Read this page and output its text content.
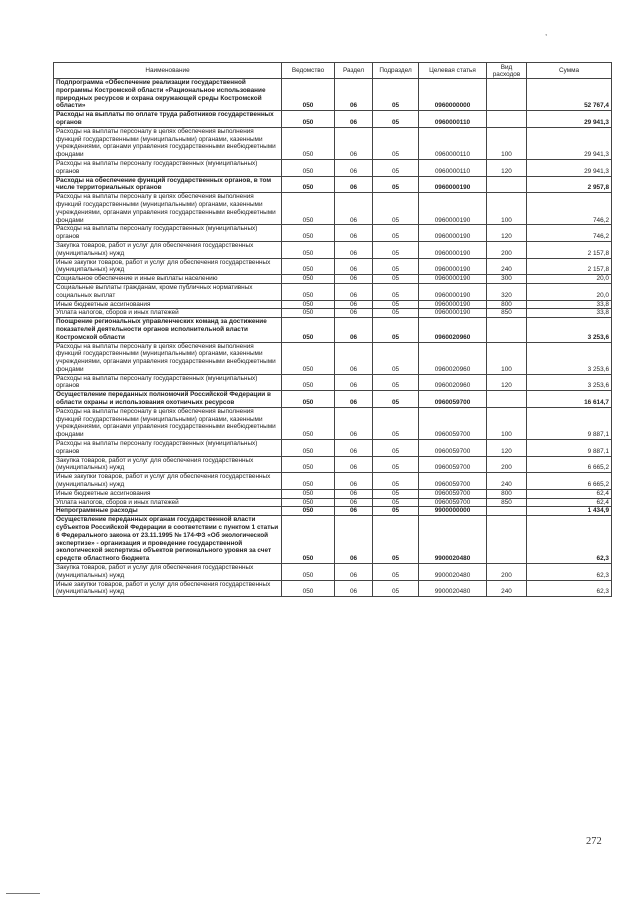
,
Наименование	Ведомство	Раздел	Подраздел	Целевая статья	Вид расходов	Сумма
Подпрограмма «Обеспечение реализации государственной программы Костромской области «Рациональное использование природных ресурсов и охрана окружающей среды Костромской области»	050	06	05	0960000000		52 767,4
Расходы на выплаты по оплате труда работников государственных органов	050	06	05	0960000110		29 941,3
Расходы на выплаты персоналу в целях обеспечения выполнения функций государственными (муниципальными) органами, казенными учреждениями, органами управления государственными внебюджетными фондами	050	06	05	0960000110	100	29 941,3
Расходы на выплаты персоналу государственных (муниципальных) органов	050	06	05	0960000110	120	29 941,3
Расходы на обеспечение функций государственных органов, в том числе территориальных органов	050	06	05	0960000190		2 957,8
Расходы на выплаты персоналу в целях обеспечения выполнения функций государственными (муниципальными) органами, казенными учреждениями, органами управления государственными внебюджетными фондами	050	06	05	0960000190	100	746,2
Расходы на выплаты персоналу государственных (муниципальных) органов	050	06	05	0960000190	120	746,2
Закупка товаров, работ и услуг для обеспечения государственных (муниципальных) нужд	050	06	05	0960000190	200	2 157,8
Иные закупки товаров, работ и услуг для обеспечения государственных (муниципальных) нужд	050	06	05	0960000190	240	2 157,8
Социальное обеспечение и иные выплаты населению	050	06	05	0960000190	300	20,0
Социальные выплаты гражданам, кроме публичных нормативных социальных выплат	050	06	05	0960000190	320	20,0
Иные бюджетные ассигнования	050	06	05	0960000190	800	33,8
Уплата налогов, сборов и иных платежей	050	06	05	0960000190	850	33,8
Поощрение региональных управленческих команд за достижение показателей деятельности органов исполнительной власти Костромской области	050	06	05	0960020960		3 253,6
Расходы на выплаты персоналу в целях обеспечения выполнения функций государственными (муниципальными) органами, казенными учреждениями, органами управления государственными внебюджетными фондами	050	06	05	0960020960	100	3 253,6
Расходы на выплаты персоналу государственных (муниципальных) органов	050	06	05	0960020960	120	3 253,6
Осуществление переданных полномочий Российской Федерации в области охраны и использования охотничьих ресурсов	050	06	05	0960059700		16 614,7
Расходы на выплаты персоналу в целях обеспечения выполнения функций государственными (муниципальными) органами, казенными учреждениями, органами управления государственными внебюджетными фондами	050	06	05	0960059700	100	9 887,1
Расходы на выплаты персоналу государственных (муниципальных) органов	050	06	05	0960059700	120	9 887,1
Закупка товаров, работ и услуг для обеспечения государственных (муниципальных) нужд	050	06	05	0960059700	200	6 665,2
Иные закупки товаров, работ и услуг для обеспечения государственных (муниципальных) нужд	050	06	05	0960059700	240	6 665,2
Иные бюджетные ассигнования	050	06	05	0960059700	800	62,4
Уплата налогов, сборов и иных платежей	050	06	05	0960059700	850	62,4
Непрограммные расходы	050	06	05	9900000000		1 434,9
Осуществление переданных органам государственной власти субъектов Российской Федерации в соответствии с пунктом 1 статьи 6 Федерального закона от 23.11.1995 № 174-ФЗ «Об экологической экспертизе» - организация и проведение государственной экологической экспертизы объектов регионального уровня за счет средств областного бюджета	050	06	05	9900020480		62,3
Закупка товаров, работ и услуг для обеспечения государственных (муниципальных) нужд	050	06	05	9900020480	200	62,3
Иные закупки товаров, работ и услуг для обеспечения государственных (муниципальных) нужд	050	06	05	9900020480	240	62,3
272
